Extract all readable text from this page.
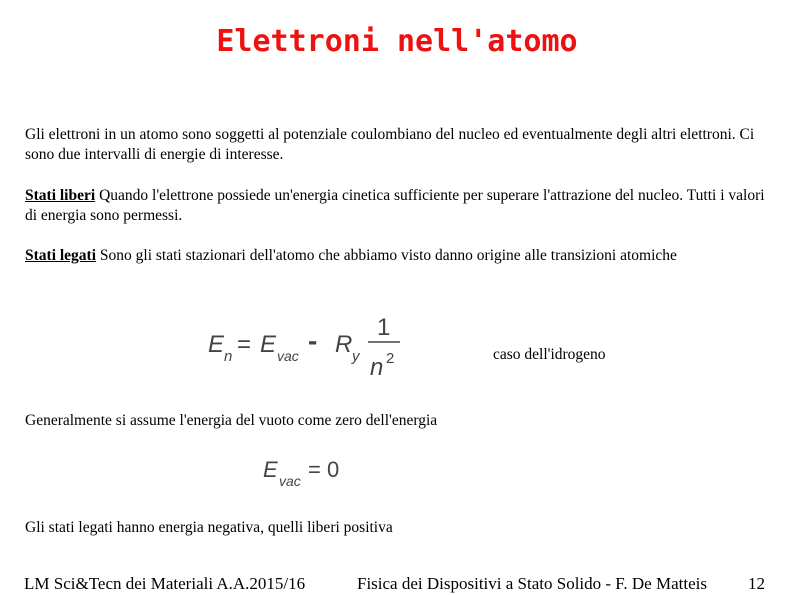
Elettroni nell'atomo
Gli elettroni in un atomo sono soggetti al potenziale coulombiano del nucleo ed eventualmente degli altri elettroni. Ci sono due intervalli di energie di interesse.
Stati liberi Quando l'elettrone possiede un'energia cinetica sufficiente per superare l'attrazione del nucleo. Tutti i valori di energia sono permessi.
Stati legati Sono gli stati stazionari dell'atomo che abbiamo visto danno origine alle transizioni atomiche
E n = E vac - R y
1
n 2	caso dell'idrogeno
Generalmente si assume l'energia del vuoto come zero dell'energia
E vac = 0
Gli stati legati hanno energia negativa, quelli liberi positiva
LM Sci&Tecn dei Materiali A.A.2015/16	Fisica dei Dispositivi a Stato Solido - F. De Matteis 12
